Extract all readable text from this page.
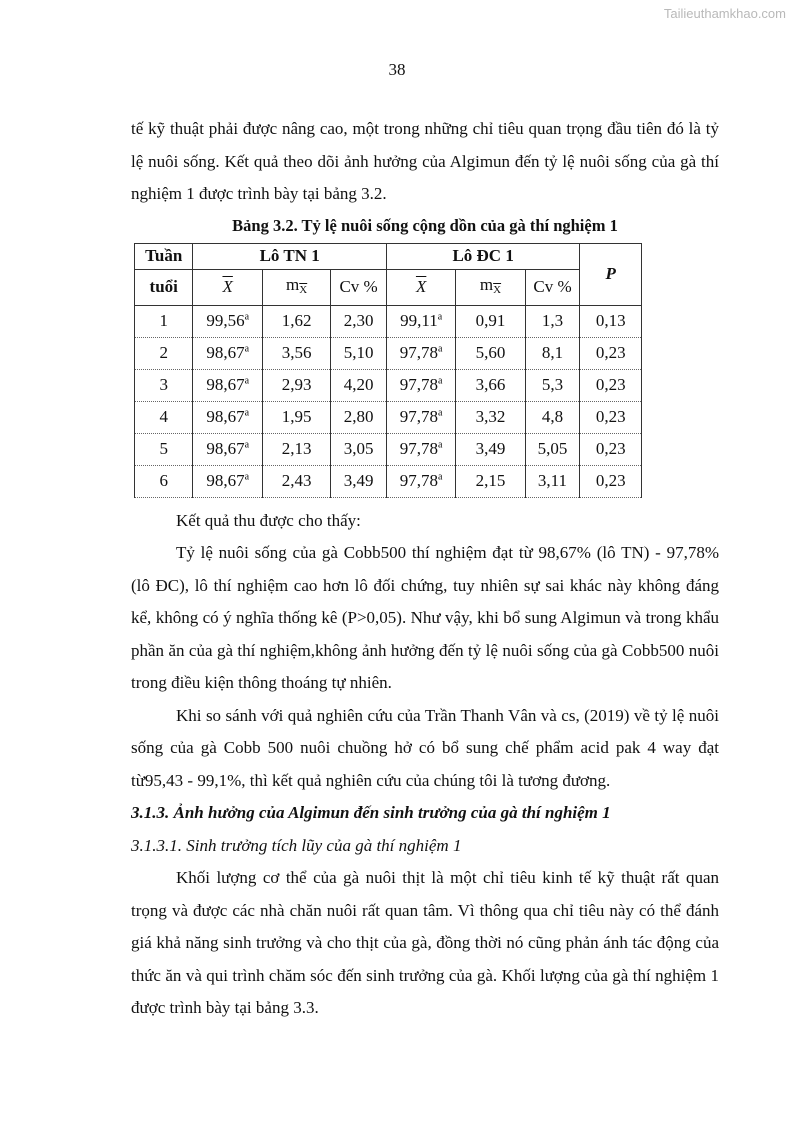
Tailieuthamkhao.com
38

tế kỹ thuật phải được nâng cao, một trong những chỉ tiêu quan trọng đầu tiên đó là tỷ lệ nuôi sống. Kết quả theo dõi ảnh hưởng của Algimun đến tỷ lệ nuôi sống của gà thí nghiệm 1 được trình bày tại bảng 3.2.

Bảng 3.2. Tỷ lệ nuôi sống cộng dồn của gà thí nghiệm 1

Tuần	Lô TN 1			Lô ĐC 1			P
tuổi	$\overline{X}$	$m\overline{X}$	Cv %	$\overline{X}$	$m\overline{X}$	Cv %	
1	99,56$^a$	1,62	2,30	99,11$^a$	0,91	1,3	0,13
2	98,67$^a$	3,56	5,10	97,78$^a$	5,60	8,1	0,23
3	98,67$^a$	2,93	4,20	97,78$^a$	3,66	5,3	0,23
4	98,67$^a$	1,95	2,80	97,78$^a$	3,32	4,8	0,23
5	98,67$^a$	2,13	3,05	97,78$^a$	3,49	5,05	0,23
6	98,67$^a$	2,43	3,49	97,78$^a$	2,15	3,11	0,23

Kết quả thu được cho thấy:

Tỷ lệ nuôi sống của gà Cobb500 thí nghiệm đạt từ 98,67% (lô TN) - 97,78% (lô ĐC), lô thí nghiệm cao hơn lô đối chứng, tuy nhiên sự sai khác này không đáng kể, không có ý nghĩa thống kê (P>0,05). Như vậy, khi bổ sung Algimun và trong khẩu phần ăn của gà thí nghiệm,không ảnh hưởng đến tỷ lệ nuôi sống của gà Cobb500 nuôi trong điều kiện thông thoáng tự nhiên.

Khi so sánh với quả nghiên cứu của Trần Thanh Vân và cs, (2019) về tỷ lệ nuôi sống của gà Cobb 500 nuôi chuồng hở có bổ sung chế phẩm acid pak 4 way đạt từ95,43 - 99,1%, thì kết quả nghiên cứu của chúng tôi là tương đương.

3.1.3. Ảnh hưởng của Algimun đến sinh trưởng của gà thí nghiệm 1

3.1.3.1. Sinh trưởng tích lũy của gà thí nghiệm 1

Khối lượng cơ thể của gà nuôi thịt là một chỉ tiêu kinh tế kỹ thuật rất quan trọng và được các nhà chăn nuôi rất quan tâm. Vì thông qua chỉ tiêu này có thể đánh giá khả năng sinh trưởng và cho thịt của gà, đồng thời nó cũng phản ánh tác động của thức ăn và qui trình chăm sóc đến sinh trưởng của gà. Khối lượng của gà thí nghiệm 1 được trình bày tại bảng 3.3.
